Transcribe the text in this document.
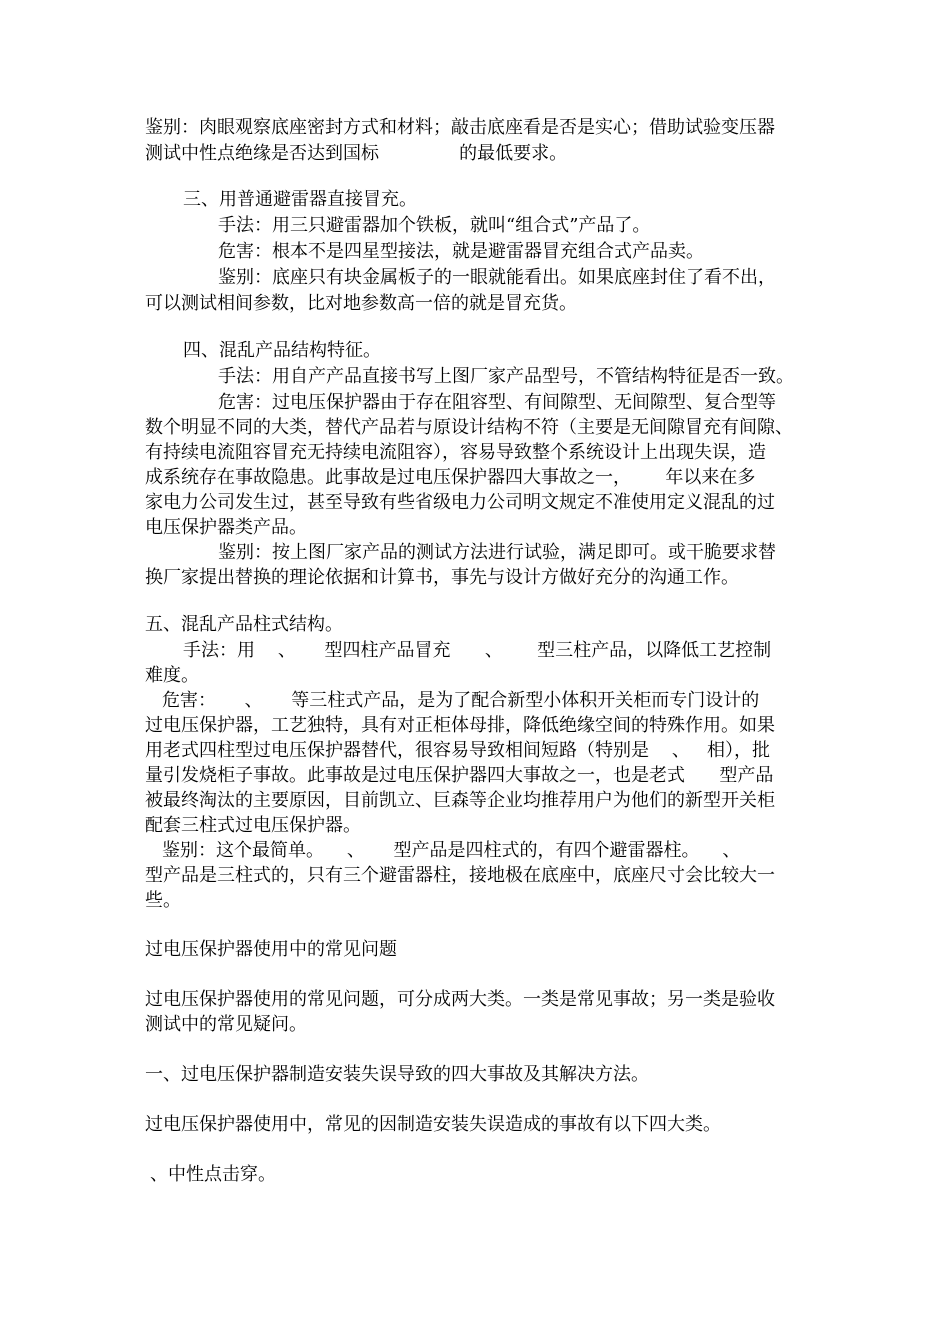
鉴别：肉眼观察底座密封方式和材料；敲击底座看是否是实心；借助试验变压器
测试中性点绝缘是否达到国标              的最低要求。
三、用普通避雷器直接冒充。
手法：用三只避雷器加个铁板，就叫“组合式”产品了。
危害：根本不是四星型接法，就是避雷器冒充组合式产品卖。
鉴别：底座只有块金属板子的一眼就能看出。如果底座封住了看不出，
可以测试相间参数，比对地参数高一倍的就是冒充货。
四、混乱产品结构特征。
手法：用自产产品直接书写上图厂家产品型号，不管结构特征是否一致。
危害：过电压保护器由于存在阻容型、有间隙型、无间隙型、复合型等
数个明显不同的大类，替代产品若与原设计结构不符（主要是无间隙冒充有间隙、
有持续电流阻容冒充无持续电流阻容），容易导致整个系统设计上出现失误，造
成系统存在事故隐患。此事故是过电压保护器四大事故之一，      年以来在多
家电力公司发生过，甚至导致有些省级电力公司明文规定不准使用定义混乱的过
电压保护器类产品。
鉴别：按上图厂家产品的测试方法进行试验，满足即可。或干脆要求替
换厂家提出替换的理论依据和计算书，事先与设计方做好充分的沟通工作。
五、混乱产品柱式结构。
手法：用    、     型四柱产品冒充      、      型三柱产品，以降低工艺控制
难度。
危害：     、     等三柱式产品，是为了配合新型小体积开关柜而专门设计的
过电压保护器，工艺独特，具有对正柜体母排，降低绝缘空间的特殊作用。如果
用老式四柱型过电压保护器替代，很容易导致相间短路（特别是    、   相），批
量引发烧柜子事故。此事故是过电压保护器四大事故之一，也是老式      型产品
被最终淘汰的主要原因，目前凯立、巨森等企业均推荐用户为他们的新型开关柜
配套三柱式过电压保护器。
鉴别：这个最简单。    、     型产品是四柱式的，有四个避雷器柱。    、
型产品是三柱式的，只有三个避雷器柱，接地极在底座中，底座尺寸会比较大一
些。
过电压保护器使用中的常见问题
过电压保护器使用的常见问题，可分成两大类。一类是常见事故；另一类是验收
测试中的常见疑问。
一、过电压保护器制造安装失误导致的四大事故及其解决方法。
过电压保护器使用中，常见的因制造安装失误造成的事故有以下四大类。
、中性点击穿。
